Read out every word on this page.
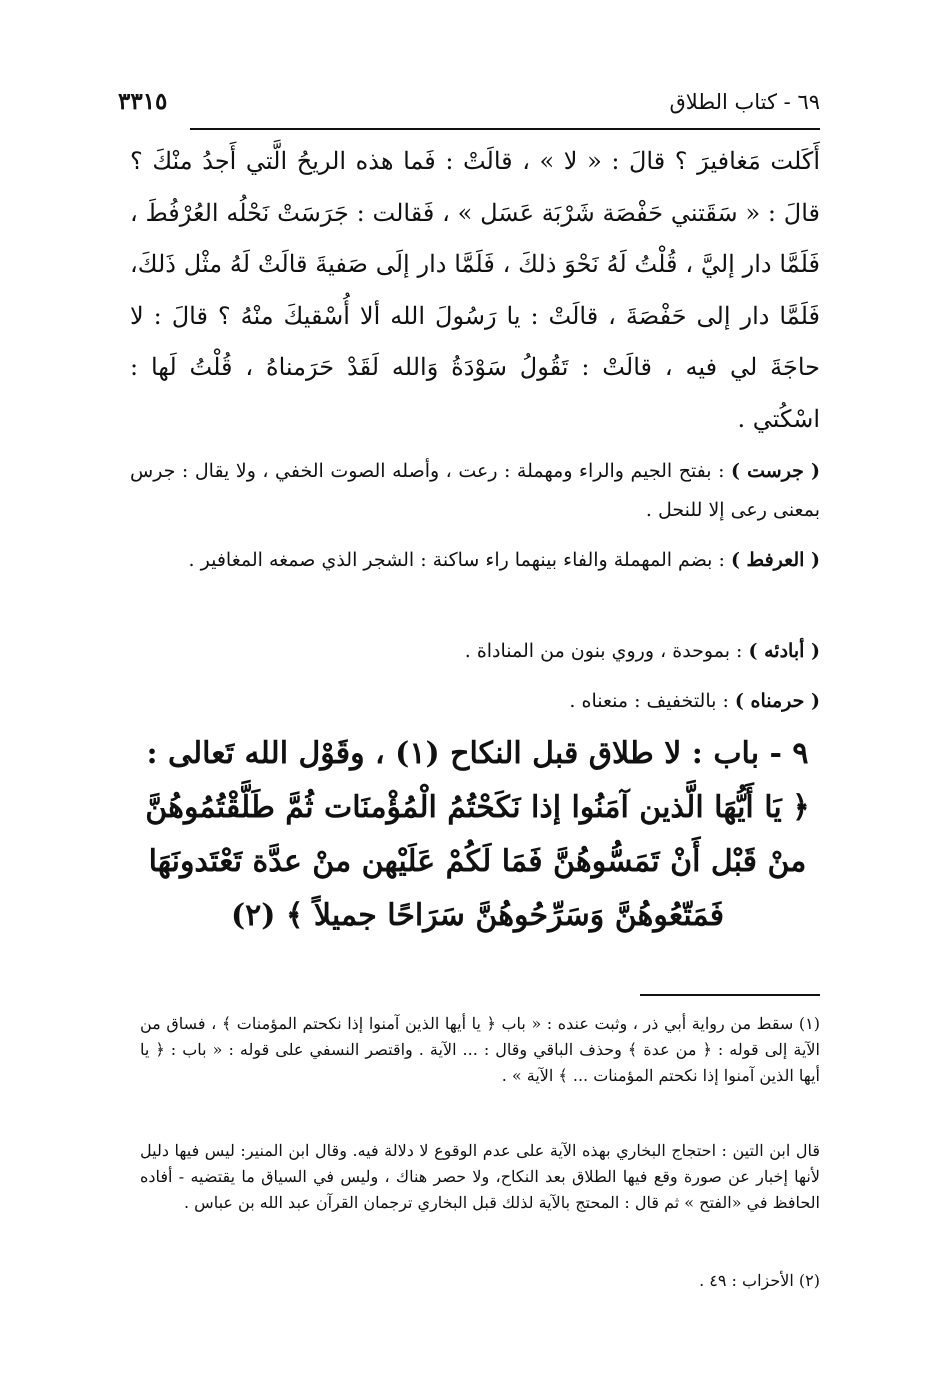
٦٩ - كتاب الطلاق
٣٣١٥

أَكَلت مَغافيرَ ؟ قالَ : « لا » ، قالَتْ : فَما هذه الريحُ الَّتي أَجدُ منْكَ ؟ قالَ : « سَقَتني حَفْصَة شَرْبَة عَسَل » ، فَقالت : جَرَسَتْ نَحْلُه العُرْفُطَ ، فَلَمَّا دار إليَّ ، قُلْتُ لَهُ نَحْوَ ذلكَ ، فَلَمَّا دار إلَى صَفيةَ قالَتْ لَهُ مثْل ذَلكَ، فَلَمَّا دار إلى حَفْصَةَ ، قالَتْ : يا رَسُولَ الله ألا أُسْقيكَ منْهُ ؟ قالَ : لا حاجَةَ لي فيه ، قالَتْ : تَقُولُ سَوْدَةُ وَالله لَقَدْ حَرَمناهُ ، قُلْتُ لَها : اسْكُتي .

( جرست ) : بفتح الجيم والراء ومهملة : رعت ، وأصله الصوت الخفي ، ولا يقال : جرس بمعنى رعى إلا للنحل .

( العرفط ) : بضم المهملة والفاء بينهما راء ساكنة : الشجر الذي صمغه المغافير .

( أبادئه ) : بموحدة ، وروي بنون من المناداة .

( حرمناه ) : بالتخفيف : منعناه .

٩ - باب : لا طلاق قبل النكاح (١) ، وقَوْل الله تَعالى : ﴿ يَا أَيُّهَا الَّذين آمَنُوا إذا نَكَحْتُمُ الْمُؤْمنَات ثُمَّ طَلَّقْتُمُوهُنَّ منْ قَبْل أَنْ تَمَسُّوهُنَّ فَمَا لَكُمْ عَلَيْهن منْ عدَّة تَعْتَدونَهَا فَمَتّعُوهُنَّ وَسَرِّحُوهُنَّ سَرَاحًا جميلاً ﴾ (٢)

(١) سقط من رواية أبي ذر ، وثبت عنده : « باب ﴿ يا أيها الذين آمنوا إذا نكحتم المؤمنات ﴾ ، فساق من الآية إلى قوله : ﴿ من عدة ﴾ وحذف الباقي وقال : ... الآية . واقتصر النسفي على قوله : « باب : ﴿ يا أيها الذين آمنوا إذا نكحتم المؤمنات ... ﴾ الآية » .

قال ابن التين : احتجاج البخاري بهذه الآية على عدم الوقوع لا دلالة فيه. وقال ابن المنير: ليس فيها دليل لأنها إخبار عن صورة وقع فيها الطلاق بعد النكاح، ولا حصر هناك ، وليس في السياق ما يقتضيه - أفاده الحافظ في «الفتح » ثم قال : المحتج بالآية لذلك قبل البخاري ترجمان القرآن عبد الله بن عباس .

(٢) الأحزاب : ٤٩ .
